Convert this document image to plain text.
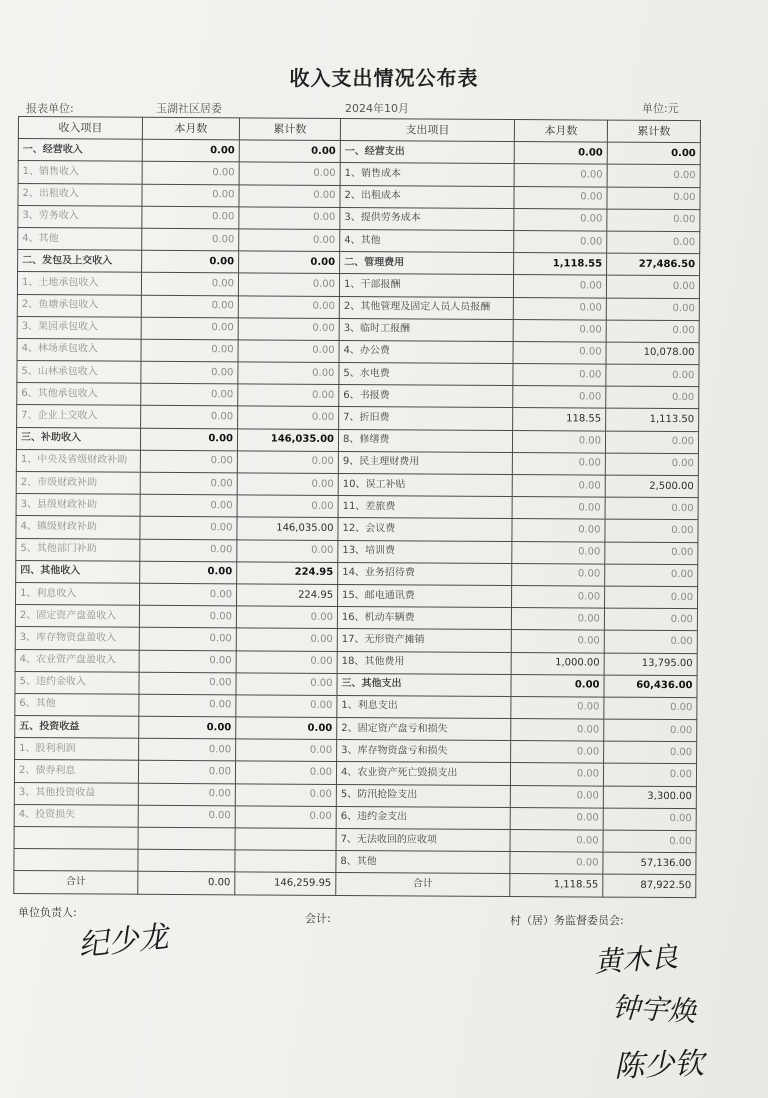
收入支出情况公布表
报表单位:	玉湖社区居委	2024年10月	单位:元
收入项目	本月数	累计数	支出项目	本月数	累计数
一、经营收入	0.00	0.00	一、经营支出	0.00	0.00
1、销售收入	0.00	0.00	1、销售成本	0.00	0.00
2、出租收入	0.00	0.00	2、出租成本	0.00	0.00
3、劳务收入	0.00	0.00	3、提供劳务成本	0.00	0.00
4、其他	0.00	0.00	4、其他	0.00	0.00
二、发包及上交收入	0.00	0.00	二、管理费用	1,118.55	27,486.50
1、土地承包收入	0.00	0.00	1、干部报酬	0.00	0.00
2、鱼塘承包收入	0.00	0.00	2、其他管理及固定人员人员报酬	0.00	0.00
3、果园承包收入	0.00	0.00	3、临时工报酬	0.00	0.00
4、林场承包收入	0.00	0.00	4、办公费	0.00	10,078.00
5、山林承包收入	0.00	0.00	5、水电费	0.00	0.00
6、其他承包收入	0.00	0.00	6、书报费	0.00	0.00
7、企业上交收入	0.00	0.00	7、折旧费	118.55	1,113.50
三、补助收入	0.00	146,035.00	8、修缮费	0.00	0.00
1、中央及省级财政补助	0.00	0.00	9、民主理财费用	0.00	0.00
2、市级财政补助	0.00	0.00	10、误工补贴	0.00	2,500.00
3、县级财政补助	0.00	0.00	11、差旅费	0.00	0.00
4、镇级财政补助	0.00	146,035.00	12、会议费	0.00	0.00
5、其他部门补助	0.00	0.00	13、培训费	0.00	0.00
四、其他收入	0.00	224.95	14、业务招待费	0.00	0.00
1、利息收入	0.00	224.95	15、邮电通讯费	0.00	0.00
2、固定资产盘盈收入	0.00	0.00	16、机动车辆费	0.00	0.00
3、库存物资盘盈收入	0.00	0.00	17、无形资产摊销	0.00	0.00
4、农业资产盘盈收入	0.00	0.00	18、其他费用	1,000.00	13,795.00
5、违约金收入	0.00	0.00	三、其他支出	0.00	60,436.00
6、其他	0.00	0.00	1、利息支出	0.00	0.00
五、投资收益	0.00	0.00	2、固定资产盘亏和损失	0.00	0.00
1、股利利润	0.00	0.00	3、库存物资盘亏和损失	0.00	0.00
2、债券利息	0.00	0.00	4、农业资产死亡毁损支出	0.00	0.00
3、其他投资收益	0.00	0.00	5、防汛抢险支出	0.00	3,300.00
4、投资损失	0.00	0.00	6、违约金支出	0.00	0.00
			7、无法收回的应收项	0.00	0.00
			8、其他	0.00	57,136.00
合计	0.00	146,259.95	合计	1,118.55	87,922.50
单位负责人:	会计:	村（居）务监督委员会:
纪少龙	黄木良
钟宇焕
陈少钦
